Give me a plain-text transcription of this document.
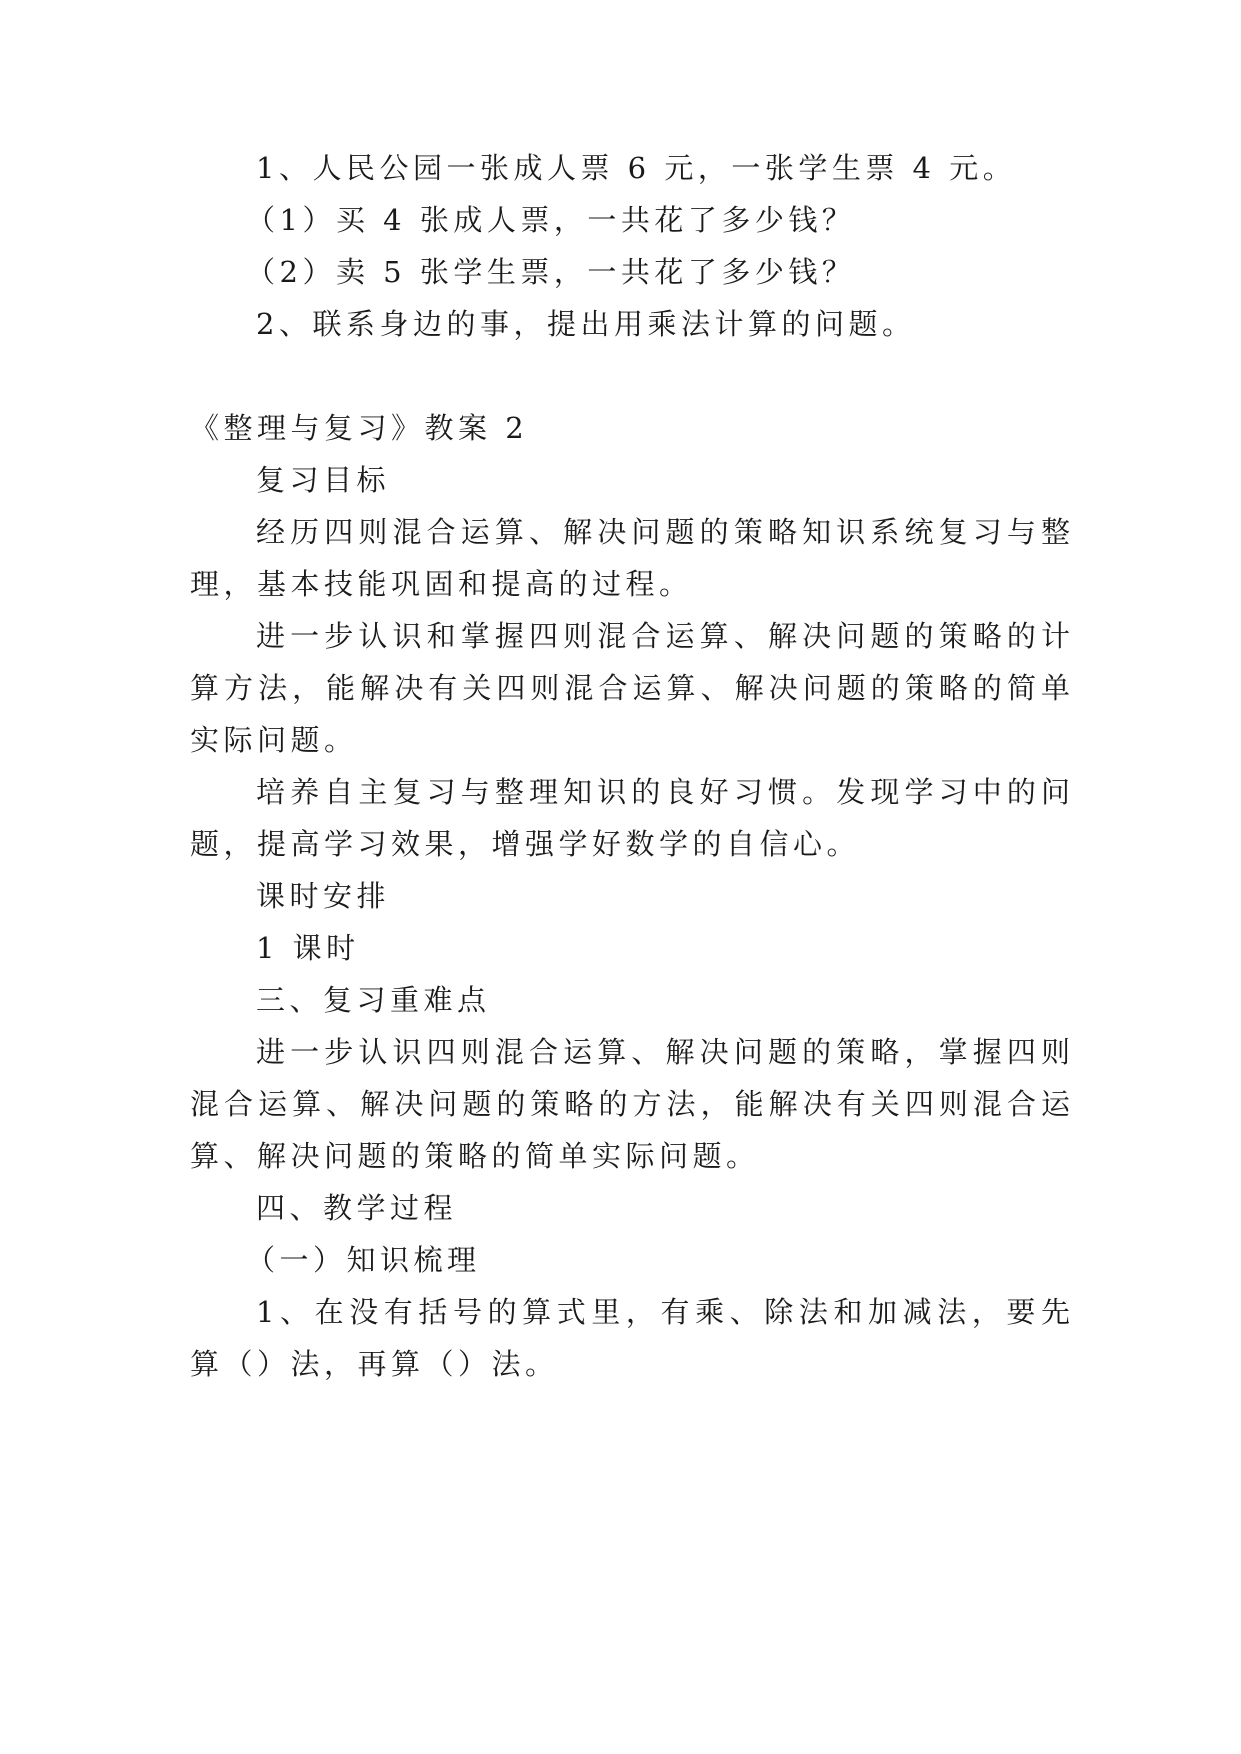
1、人民公园一张成人票 6 元，一张学生票 4 元。
（1）买 4 张成人票，一共花了多少钱？
（2）卖 5 张学生票，一共花了多少钱？
2、联系身边的事，提出用乘法计算的问题。
《整理与复习》教案 2
复习目标
经历四则混合运算、解决问题的策略知识系统复习与整
理，基本技能巩固和提高的过程。
进一步认识和掌握四则混合运算、解决问题的策略的计
算方法，能解决有关四则混合运算、解决问题的策略的简单
实际问题。
培养自主复习与整理知识的良好习惯。发现学习中的问
题，提高学习效果，增强学好数学的自信心。
课时安排
1 课时
三、复习重难点
进一步认识四则混合运算、解决问题的策略，掌握四则
混合运算、解决问题的策略的方法，能解决有关四则混合运
算、解决问题的策略的简单实际问题。
四、教学过程
（一）知识梳理
1、在没有括号的算式里，有乘、除法和加减法，要先
算（）法，再算（）法。
